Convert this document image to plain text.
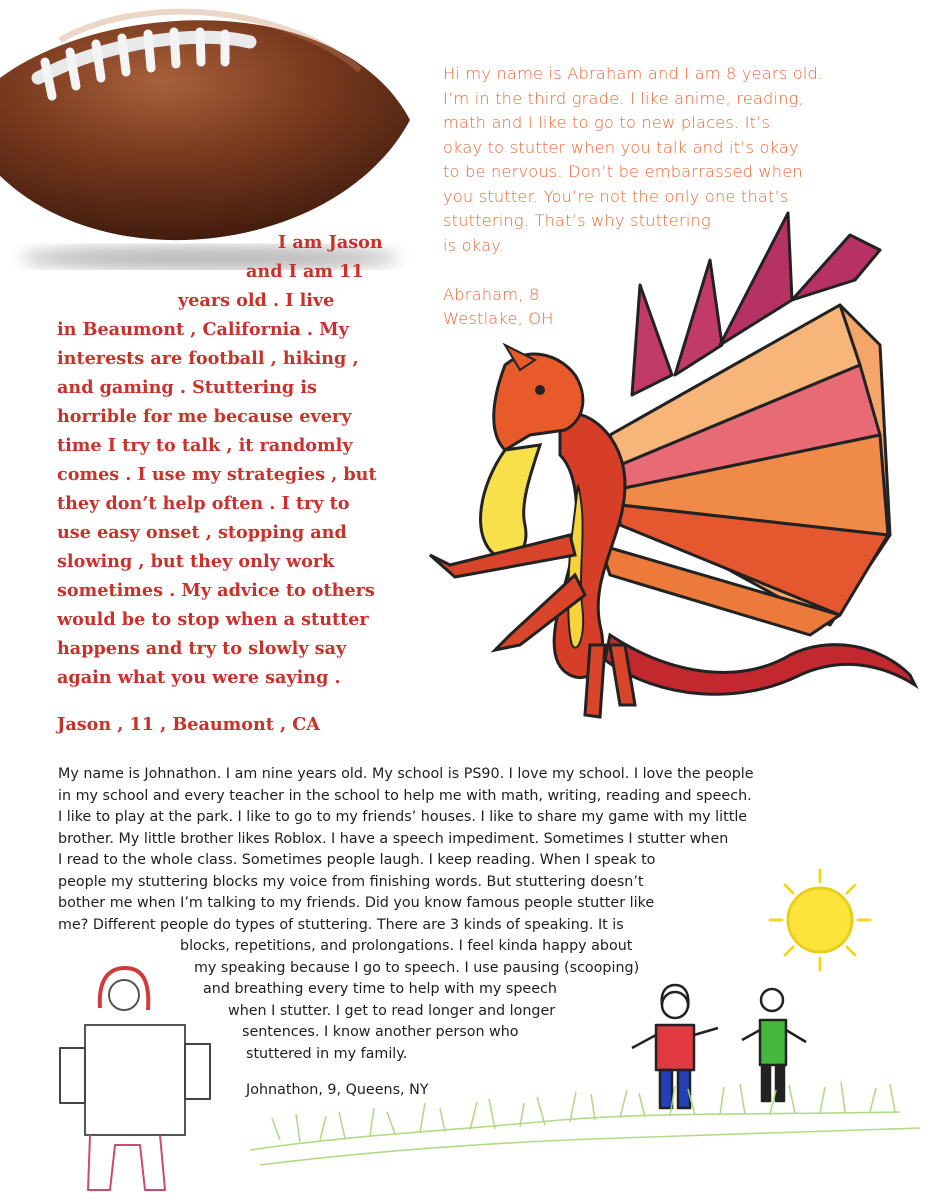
Hi my name is Abraham and I am 8 years old.
I’m in the third grade. I like anime, reading,
math and I like to go to new places. It’s
okay to stutter when you talk and it’s okay
to be nervous. Don’t be embarrassed when
you stutter. You’re not the only one that’s
stuttering. That’s why stuttering
is okay.
Abraham, 8
Westlake, OH
I am Jason
and I am 11
years old . I live
in Beaumont , California . My
interests are football , hiking ,
and gaming . Stuttering is
horrible for me because every
time I try to talk , it randomly
comes . I use my strategies , but
they don’t help often . I try to
use easy onset , stopping and
slowing , but they only work
sometimes . My advice to others
would be to stop when a stutter
happens and try to slowly say
again what you were saying .
Jason , 11 , Beaumont , CA
My name is Johnathon. I am nine years old. My school is PS90. I love my school. I love the people
in my school and every teacher in the school to help me with math, writing, reading and speech.
I like to play at the park. I like to go to my friends’ houses. I like to share my game with my little
brother. My little brother likes Roblox. I have a speech impediment. Sometimes I stutter when
I read to the whole class. Sometimes people laugh. I keep reading. When I speak to
people my stuttering blocks my voice from finishing words. But stuttering doesn’t
bother me when I’m talking to my friends. Did you know famous people stutter like
me? Different people do types of stuttering. There are 3 kinds of speaking. It is
blocks, repetitions, and prolongations. I feel kinda happy about
my speaking because I go to speech. I use pausing (scooping)
and breathing every time to help with my speech
when I stutter. I get to read longer and longer
sentences. I know another person who
stuttered in my family.
Johnathon, 9, Queens, NY
